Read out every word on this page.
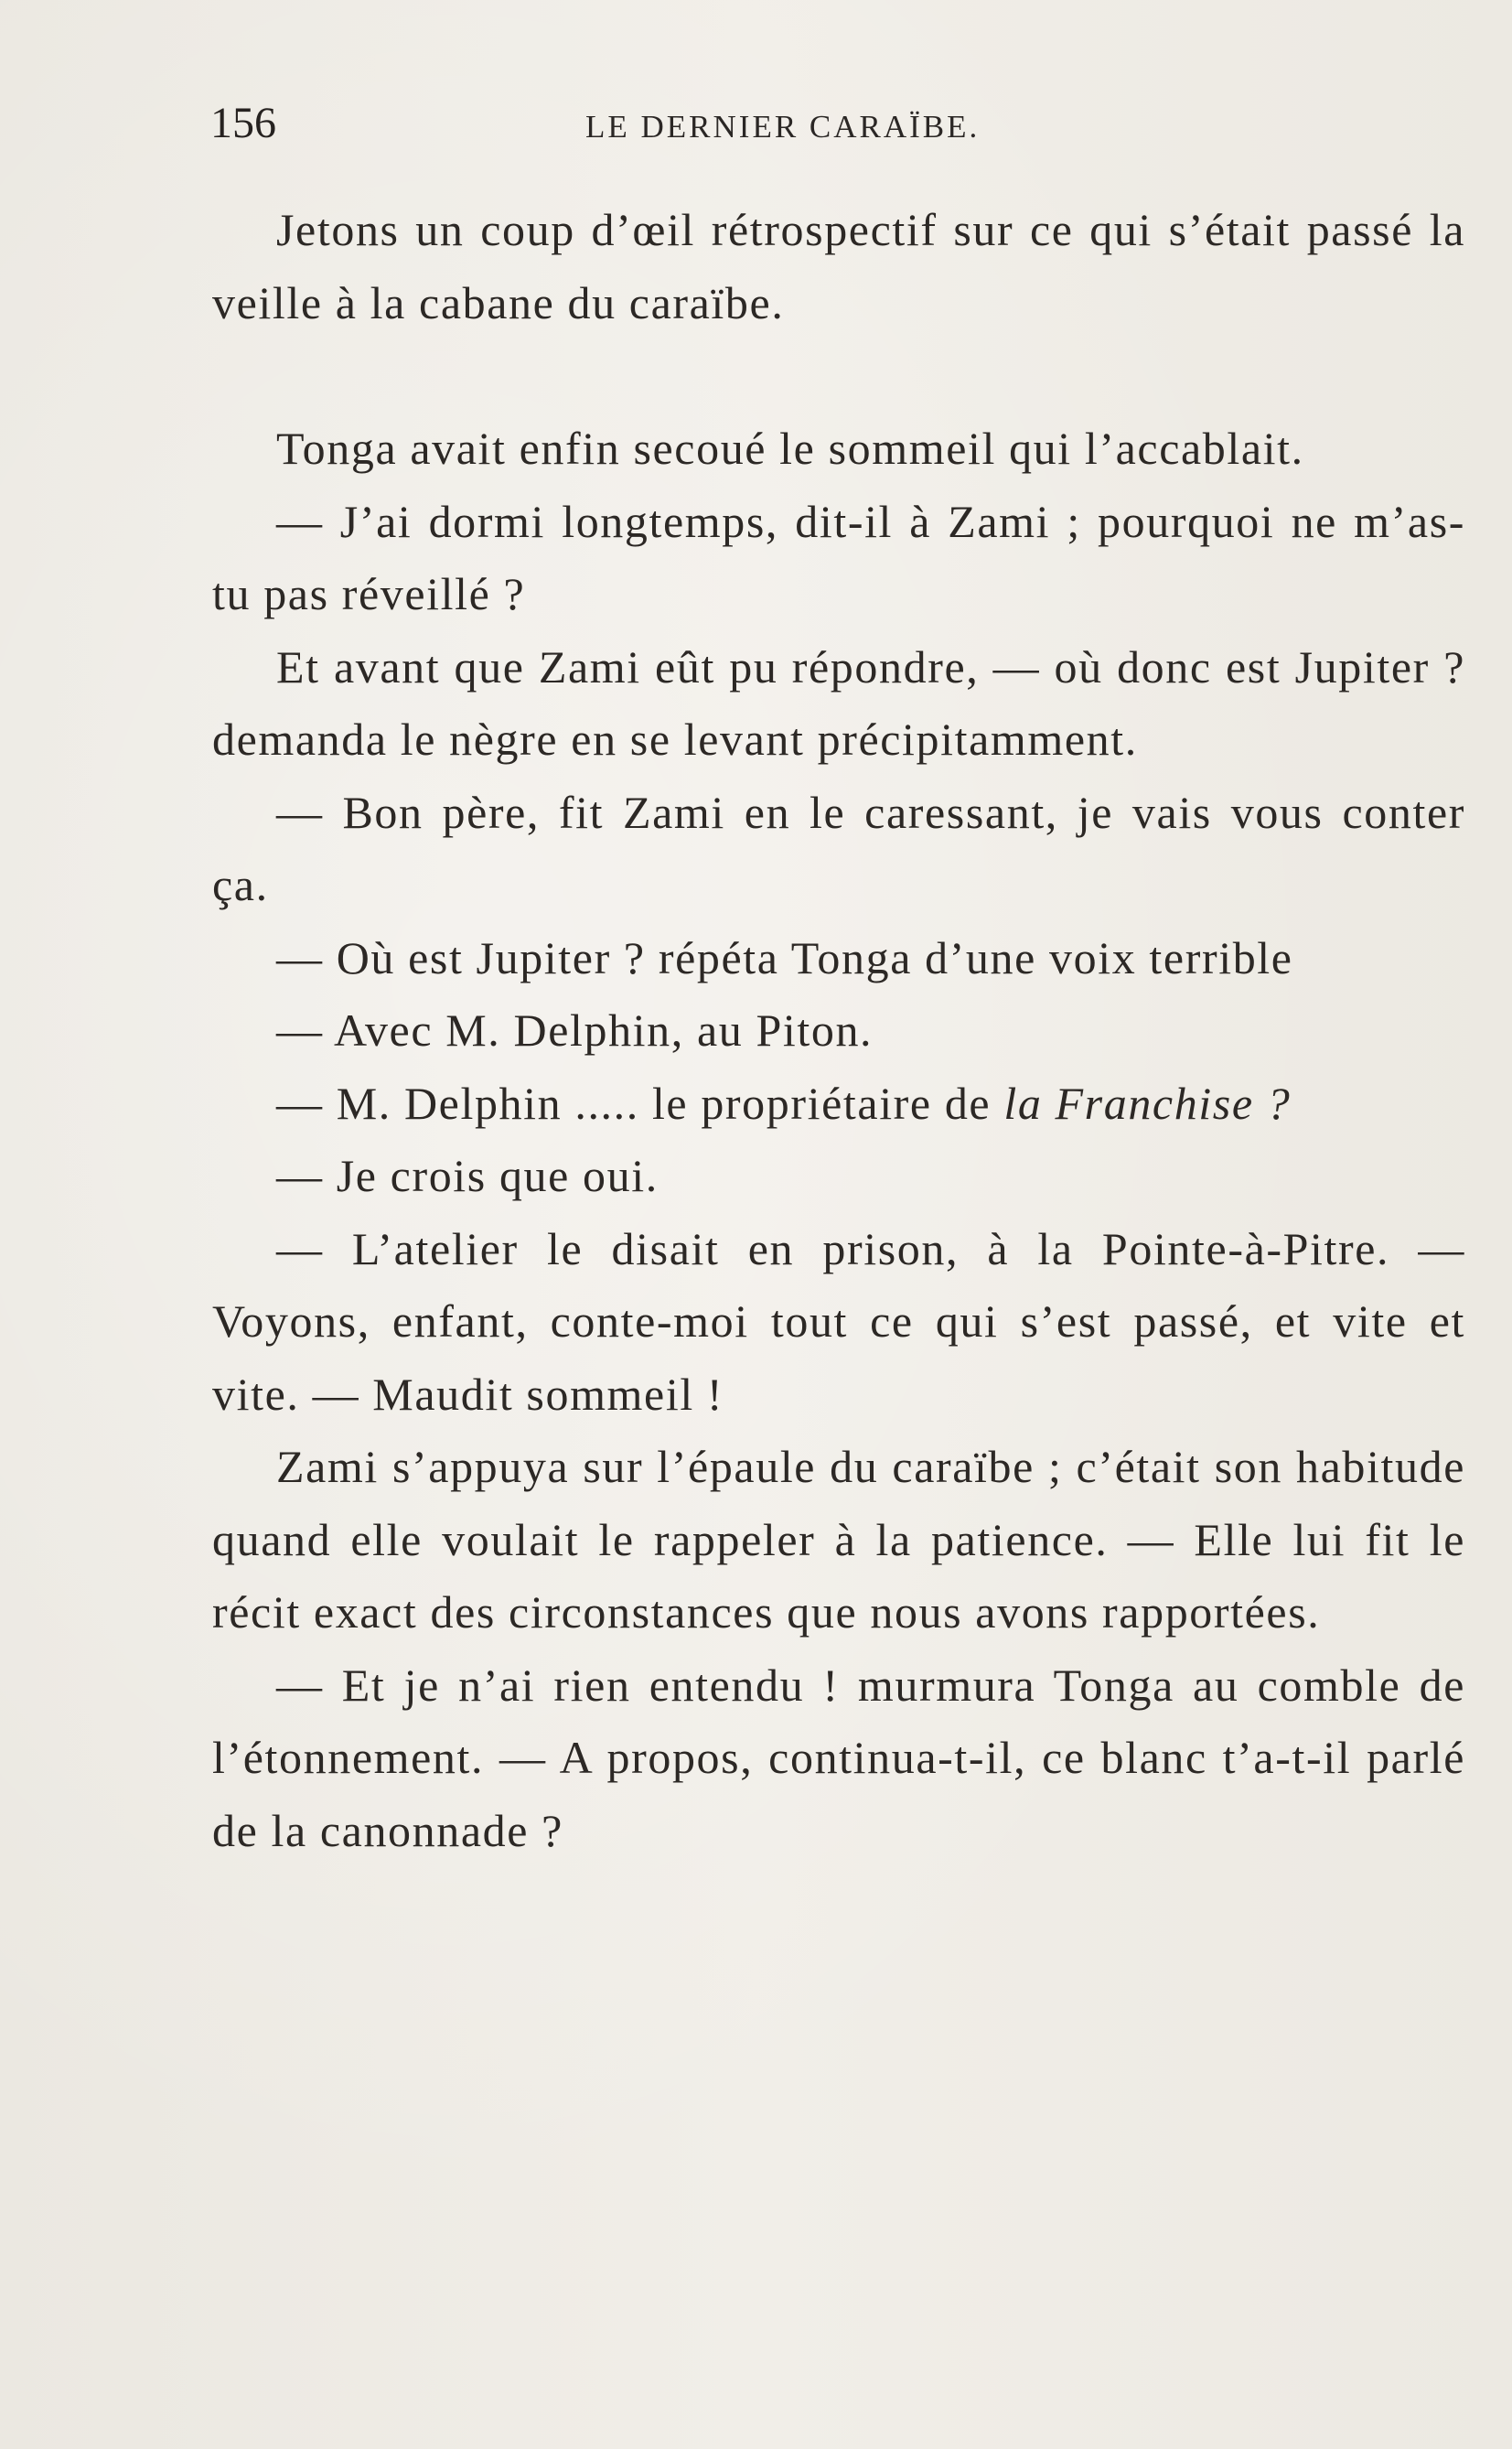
156	LE DERNIER CARAÏBE.

Jetons un coup d’œil rétrospectif sur ce qui s’était passé la veille à la cabane du caraïbe.

Tonga avait enfin secoué le sommeil qui l’accablait.

— J’ai dormi longtemps, dit-il à Zami ; pourquoi ne m’as-tu pas réveillé ?

Et avant que Zami eût pu répondre, — où donc est Jupiter ? demanda le nègre en se levant précipitamment.

— Bon père, fit Zami en le caressant, je vais vous conter ça.

— Où est Jupiter ? répéta Tonga d’une voix terrible

— Avec M. Delphin, au Piton.

— M. Delphin ..... le propriétaire de la Franchise ?

— Je crois que oui.

— L’atelier le disait en prison, à la Pointe-à-Pitre. — Voyons, enfant, conte-moi tout ce qui s’est passé, et vite et vite. — Maudit sommeil !

Zami s’appuya sur l’épaule du caraïbe ; c’était son habitude quand elle voulait le rappeler à la patience. — Elle lui fit le récit exact des circonstances que nous avons rapportées.

— Et je n’ai rien entendu ! murmura Tonga au comble de l’étonnement. — A propos, continua-t-il, ce blanc t’a-t-il parlé de la canonnade ?
